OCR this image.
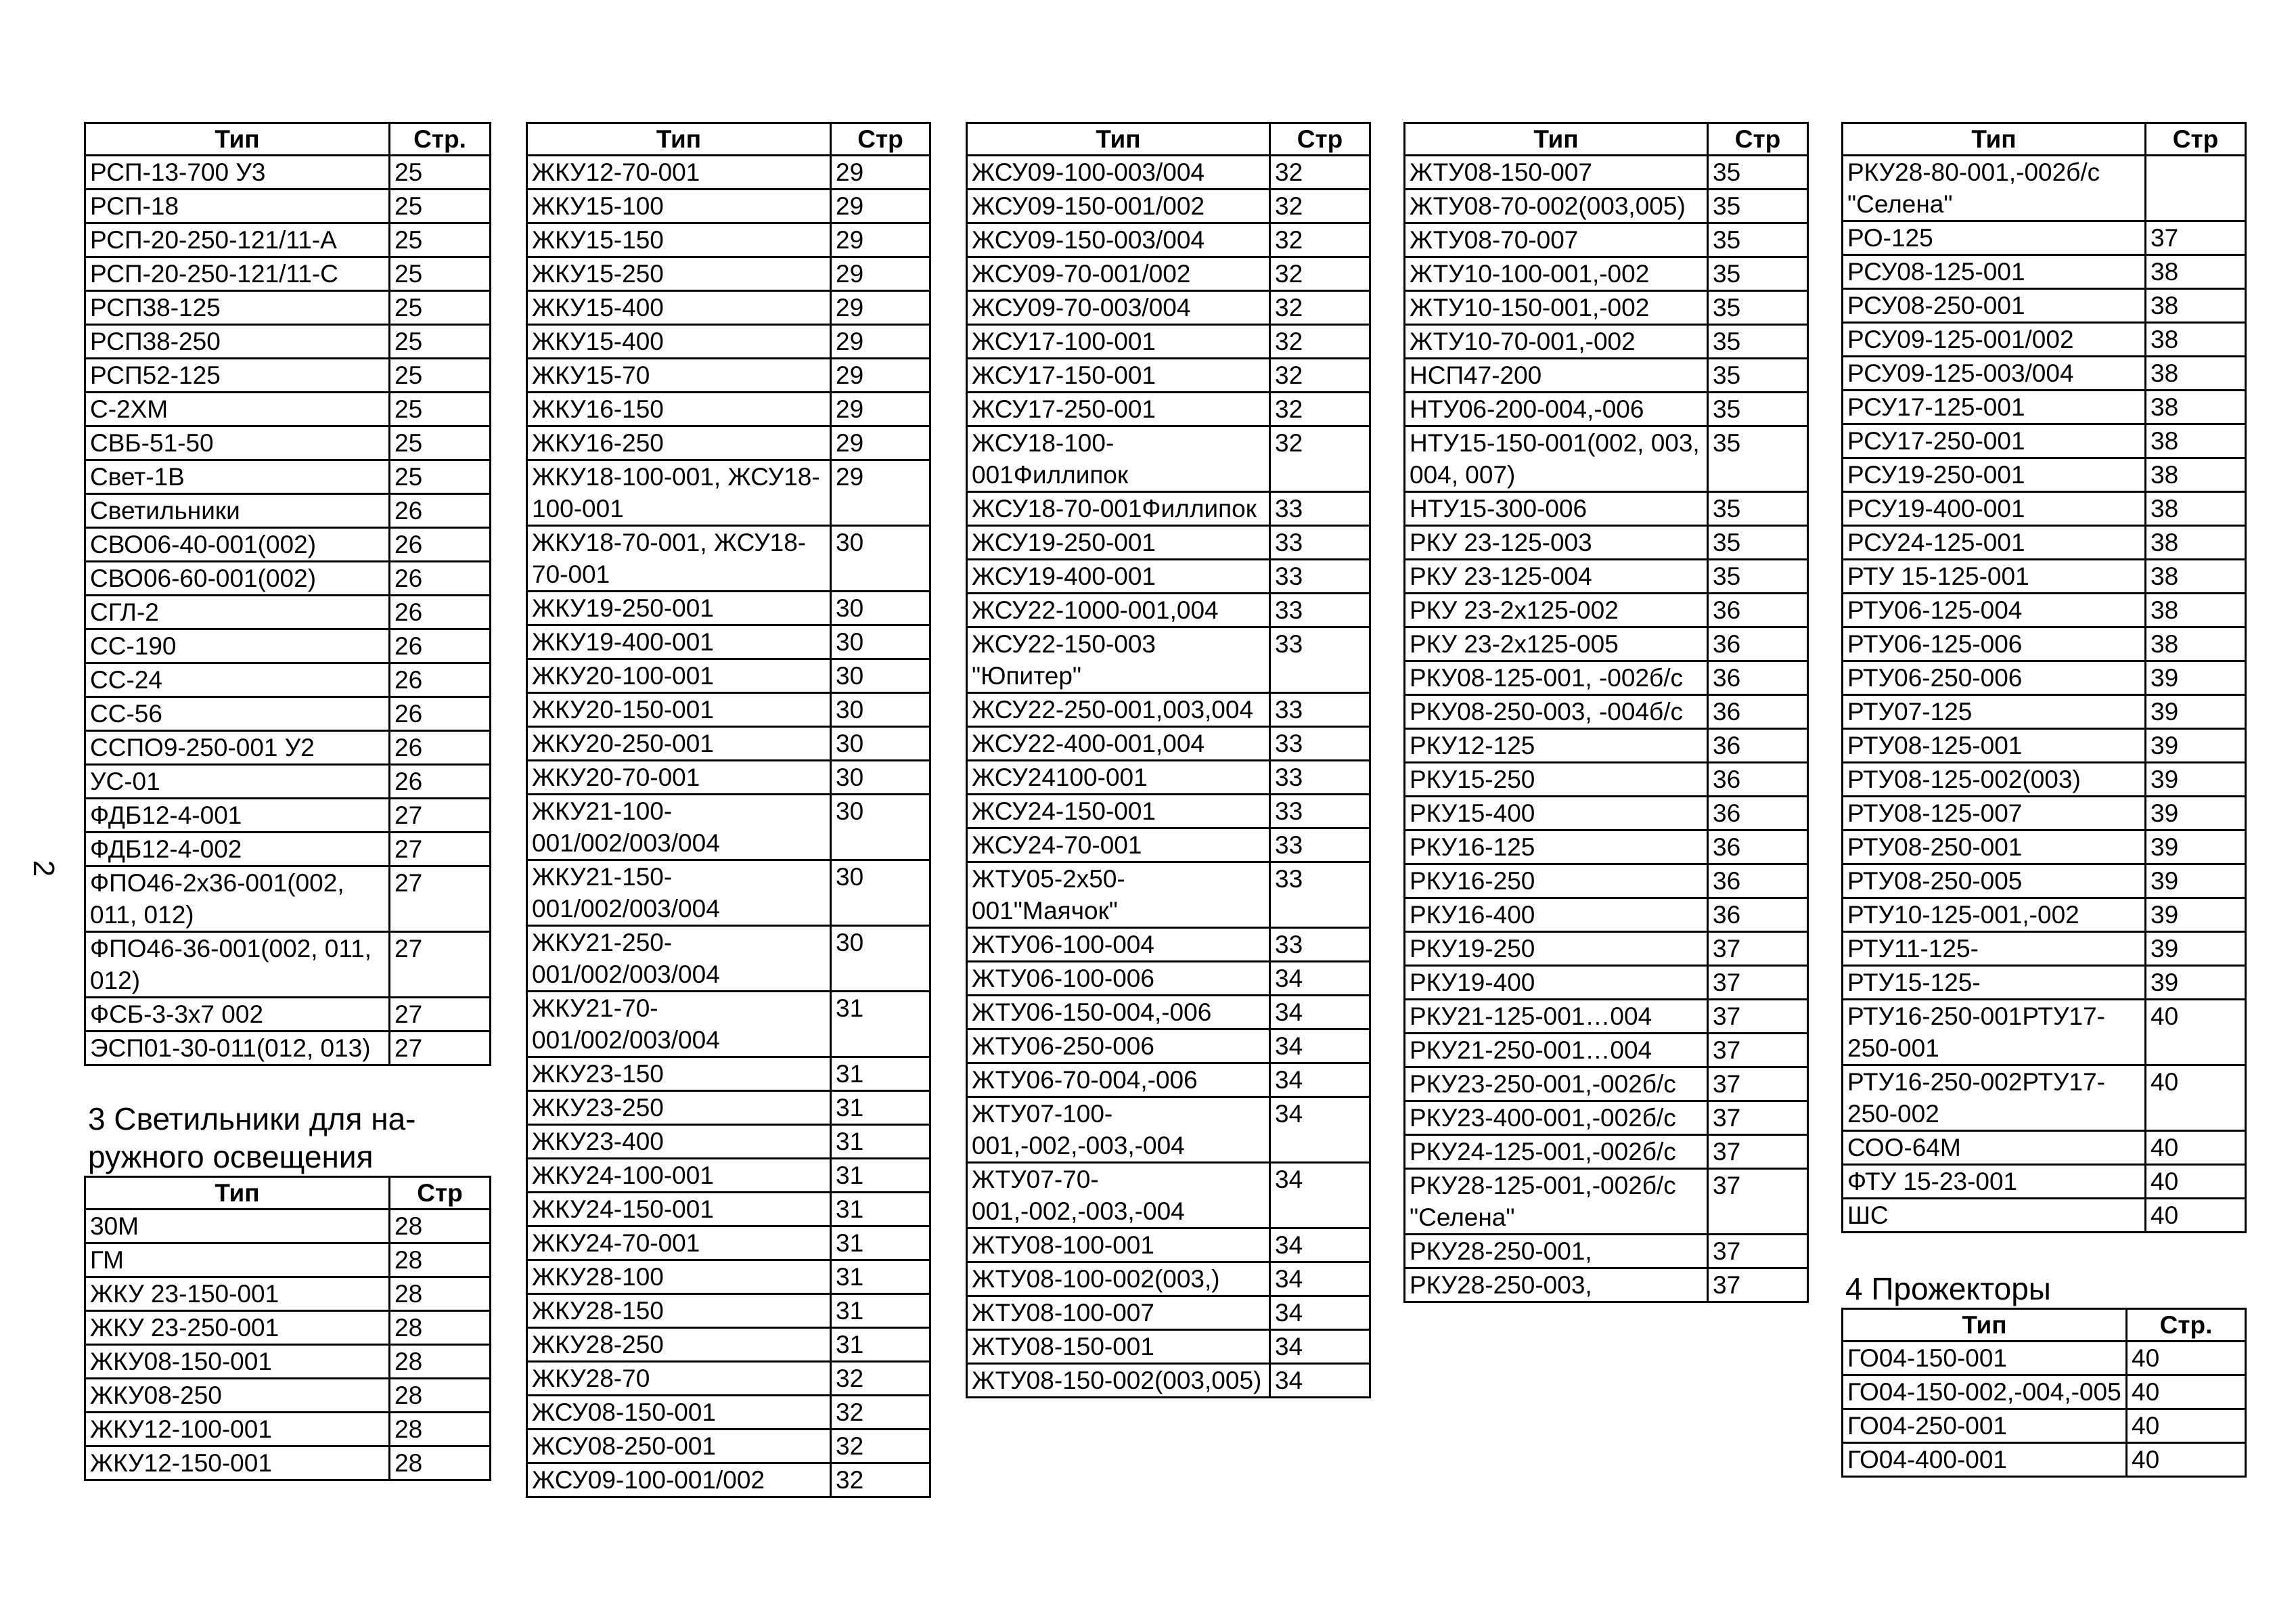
2
Тип	Стр.
РСП-13-700 У3	25
РСП-18	25
РСП-20-250-121/11-А	25
РСП-20-250-121/11-С	25
РСП38-125	25
РСП38-250	25
РСП52-125	25
С-2ХМ	25
СВБ-51-50	25
Свет-1В	25
Светильники	26
СВО06-40-001(002)	26
СВО06-60-001(002)	26
СГЛ-2	26
СС-190	26
СС-24	26
СС-56	26
ССПО9-250-001 У2	26
УС-01	26
ФДБ12-4-001	27
ФДБ12-4-002	27
ФПО46-2х36-001(002, 011, 012)	27
ФПО46-36-001(002, 011, 012)	27
ФСБ-3-3х7 002	27
ЭСП01-30-011(012, 013)	27
3 Светильники для на-ружного освещения
Тип	Стр
30М	28
ГМ	28
ЖКУ 23-150-001	28
ЖКУ 23-250-001	28
ЖКУ08-150-001	28
ЖКУ08-250	28
ЖКУ12-100-001	28
ЖКУ12-150-001	28
Тип	Стр
ЖКУ12-70-001	29
ЖКУ15-100	29
ЖКУ15-150	29
ЖКУ15-250	29
ЖКУ15-400	29
ЖКУ15-400	29
ЖКУ15-70	29
ЖКУ16-150	29
ЖКУ16-250	29
ЖКУ18-100-001, ЖСУ18-100-001	29
ЖКУ18-70-001, ЖСУ18-70-001	30
ЖКУ19-250-001	30
ЖКУ19-400-001	30
ЖКУ20-100-001	30
ЖКУ20-150-001	30
ЖКУ20-250-001	30
ЖКУ20-70-001	30
ЖКУ21-100-001/002/003/004	30
ЖКУ21-150-001/002/003/004	30
ЖКУ21-250-001/002/003/004	30
ЖКУ21-70-001/002/003/004	31
ЖКУ23-150	31
ЖКУ23-250	31
ЖКУ23-400	31
ЖКУ24-100-001	31
ЖКУ24-150-001	31
ЖКУ24-70-001	31
ЖКУ28-100	31
ЖКУ28-150	31
ЖКУ28-250	31
ЖКУ28-70	32
ЖСУ08-150-001	32
ЖСУ08-250-001	32
ЖСУ09-100-001/002	32
Тип	Стр
ЖСУ09-100-003/004	32
ЖСУ09-150-001/002	32
ЖСУ09-150-003/004	32
ЖСУ09-70-001/002	32
ЖСУ09-70-003/004	32
ЖСУ17-100-001	32
ЖСУ17-150-001	32
ЖСУ17-250-001	32
ЖСУ18-100-001Филлипок	32
ЖСУ18-70-001Филлипок	33
ЖСУ19-250-001	33
ЖСУ19-400-001	33
ЖСУ22-1000-001,004	33
ЖСУ22-150-003 "Юпитер"	33
ЖСУ22-250-001,003,004	33
ЖСУ22-400-001,004	33
ЖСУ24100-001	33
ЖСУ24-150-001	33
ЖСУ24-70-001	33
ЖТУ05-2х50-001"Маячок"	33
ЖТУ06-100-004	33
ЖТУ06-100-006	34
ЖТУ06-150-004,-006	34
ЖТУ06-250-006	34
ЖТУ06-70-004,-006	34
ЖТУ07-100-001,-002,-003,-004	34
ЖТУ07-70-001,-002,-003,-004	34
ЖТУ08-100-001	34
ЖТУ08-100-002(003,)	34
ЖТУ08-100-007	34
ЖТУ08-150-001	34
ЖТУ08-150-002(003,005)	34
Тип	Стр
ЖТУ08-150-007	35
ЖТУ08-70-002(003,005)	35
ЖТУ08-70-007	35
ЖТУ10-100-001,-002	35
ЖТУ10-150-001,-002	35
ЖТУ10-70-001,-002	35
НСП47-200	35
НТУ06-200-004,-006	35
НТУ15-150-001(002, 003, 004, 007)	35
НТУ15-300-006	35
РКУ 23-125-003	35
РКУ 23-125-004	35
РКУ 23-2х125-002	36
РКУ 23-2х125-005	36
РКУ08-125-001, -002б/с	36
РКУ08-250-003, -004б/с	36
РКУ12-125	36
РКУ15-250	36
РКУ15-400	36
РКУ16-125	36
РКУ16-250	36
РКУ16-400	36
РКУ19-250	37
РКУ19-400	37
РКУ21-125-001…004	37
РКУ21-250-001…004	37
РКУ23-250-001,-002б/с	37
РКУ23-400-001,-002б/с	37
РКУ24-125-001,-002б/с	37
РКУ28-125-001,-002б/с "Селена"	37
РКУ28-250-001,	37
РКУ28-250-003,	37
Тип	Стр
РКУ28-80-001,-002б/с "Селена"	
РО-125	37
РСУ08-125-001	38
РСУ08-250-001	38
РСУ09-125-001/002	38
РСУ09-125-003/004	38
РСУ17-125-001	38
РСУ17-250-001	38
РСУ19-250-001	38
РСУ19-400-001	38
РСУ24-125-001	38
РТУ 15-125-001	38
РТУ06-125-004	38
РТУ06-125-006	38
РТУ06-250-006	39
РТУ07-125	39
РТУ08-125-001	39
РТУ08-125-002(003)	39
РТУ08-125-007	39
РТУ08-250-001	39
РТУ08-250-005	39
РТУ10-125-001,-002	39
РТУ11-125-	39
РТУ15-125-	39
РТУ16-250-001РТУ17-250-001	40
РТУ16-250-002РТУ17-250-002	40
СОО-64М	40
ФТУ 15-23-001	40
ШС	40
4 Прожекторы
Тип	Стр.
ГО04-150-001	40
ГО04-150-002,-004,-005	40
ГО04-250-001	40
ГО04-400-001	40
